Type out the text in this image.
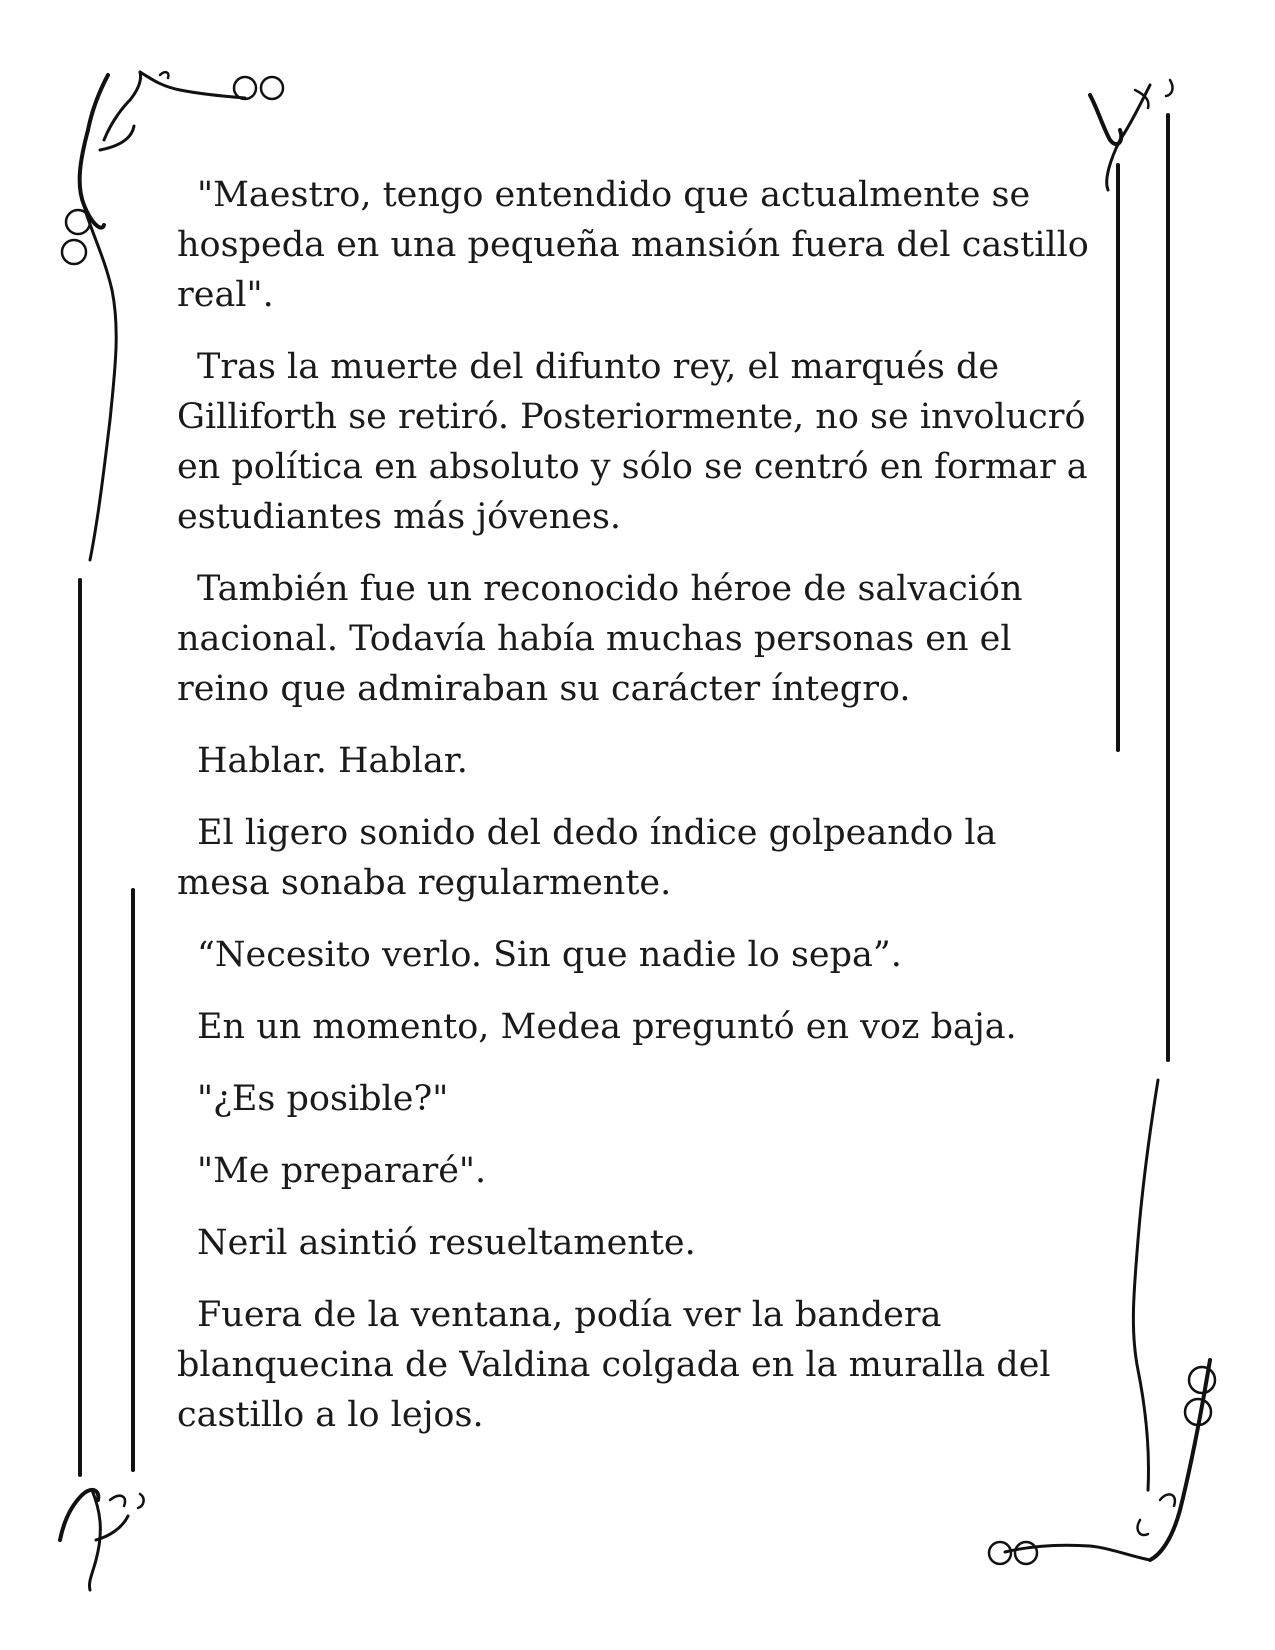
"Maestro, tengo entendido que actualmente se hospeda en una pequeña mansión fuera del castillo real".

Tras la muerte del difunto rey, el marqués de Gilliforth se retiró. Posteriormente, no se involucró en política en absoluto y sólo se centró en formar a estudiantes más jóvenes.

También fue un reconocido héroe de salvación nacional. Todavía había muchas personas en el reino que admiraban su carácter íntegro.

Hablar. Hablar.

El ligero sonido del dedo índice golpeando la mesa sonaba regularmente.

“Necesito verlo. Sin que nadie lo sepa”.

En un momento, Medea preguntó en voz baja.

"¿Es posible?"

"Me prepararé".

Neril asintió resueltamente.

Fuera de la ventana, podía ver la bandera blanquecina de Valdina colgada en la muralla del castillo a lo lejos.
